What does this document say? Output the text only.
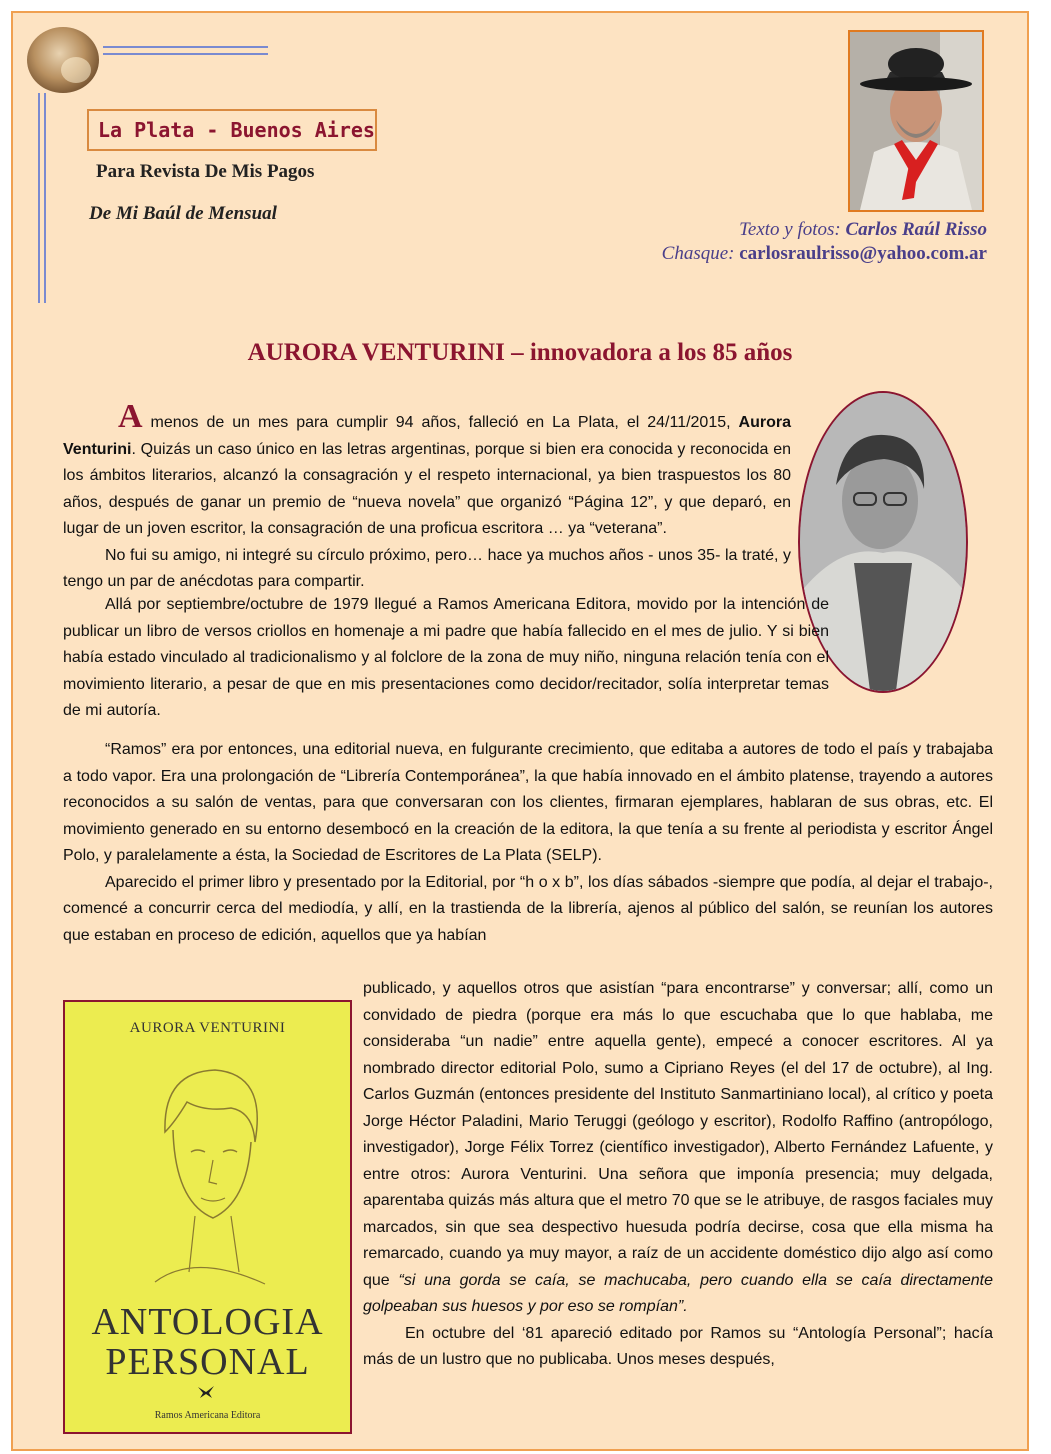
La Plata - Buenos Aires
Para Revista De Mis Pagos
De Mi Baúl de Mensual
Texto y fotos: Carlos Raúl Risso
Chasque: carlosraulrisso@yahoo.com.ar
AURORA VENTURINI – innovadora a los 85 años

A menos de un mes para cumplir 94 años, falleció en La Plata, el 24/11/2015, Aurora Venturini. Quizás un caso único en las letras argentinas, porque si bien era conocida y reconocida en los ámbitos literarios, alcanzó la consagración y el respeto internacional, ya bien traspuestos los 80 años, después de ganar un premio de “nueva novela” que organizó “Página 12”, y que deparó, en lugar de un joven escritor, la consagración de una proficua escritora … ya “veterana”.

No fui su amigo, ni integré su círculo próximo, pero… hace ya muchos años - unos 35- la traté, y tengo un par de anécdotas para compartir.

Allá por septiembre/octubre de 1979 llegué a Ramos Americana Editora, movido por la intención de publicar un libro de versos criollos en homenaje a mi padre que había fallecido en el mes de julio. Y si bien había estado vinculado al tradicionalismo y al folclore de la zona de muy niño, ninguna relación tenía con el movimiento literario, a pesar de que en mis presentaciones como decidor/recitador, solía interpretar temas de mi autoría.

“Ramos” era por entonces, una editorial nueva, en fulgurante crecimiento, que editaba a autores de todo el país y trabajaba a todo vapor. Era una prolongación de “Librería Contemporánea”, la que había innovado en el ámbito platense, trayendo a autores reconocidos a su salón de ventas, para que conversaran con los clientes, firmaran ejemplares, hablaran de sus obras, etc. El movimiento generado en su entorno desembocó en la creación de la editora, la que tenía a su frente al periodista y escritor Ángel Polo, y paralelamente a ésta, la Sociedad de Escritores de La Plata (SELP).

Aparecido el primer libro y presentado por la Editorial, por “h o x b”, los días sábados -siempre que podía, al dejar el trabajo-, comencé a concurrir cerca del mediodía, y allí, en la trastienda de la librería, ajenos al público del salón, se reunían los autores que estaban en proceso de edición, aquellos que ya habían

AURORA VENTURINI
ANTOLOGIA
PERSONAL
Ramos Americana Editora

publicado, y aquellos otros que asistían “para encontrarse” y conversar; allí, como un convidado de piedra (porque era más lo que escuchaba que lo que hablaba, me consideraba “un nadie” entre aquella gente), empecé a conocer escritores. Al ya nombrado director editorial Polo, sumo a Cipriano Reyes (el del 17 de octubre), al Ing. Carlos Guzmán (entonces presidente del Instituto Sanmartiniano local), al crítico y poeta Jorge Héctor Paladini, Mario Teruggi (geólogo y escritor), Rodolfo Raffino (antropólogo, investigador), Jorge Félix Torrez (científico investigador), Alberto Fernández Lafuente, y entre otros: Aurora Venturini. Una señora que imponía presencia; muy delgada, aparentaba quizás más altura que el metro 70 que se le atribuye, de rasgos faciales muy marcados, sin que sea despectivo huesuda podría decirse, cosa que ella misma ha remarcado, cuando ya muy mayor, a raíz de un accidente doméstico dijo algo así como que “si una gorda se caía, se machucaba, pero cuando ella se caía directamente golpeaban sus huesos y por eso se rompían”.

En octubre del ‘81 apareció editado por Ramos su “Antología Personal”; hacía más de un lustro que no publicaba. Unos meses después,
